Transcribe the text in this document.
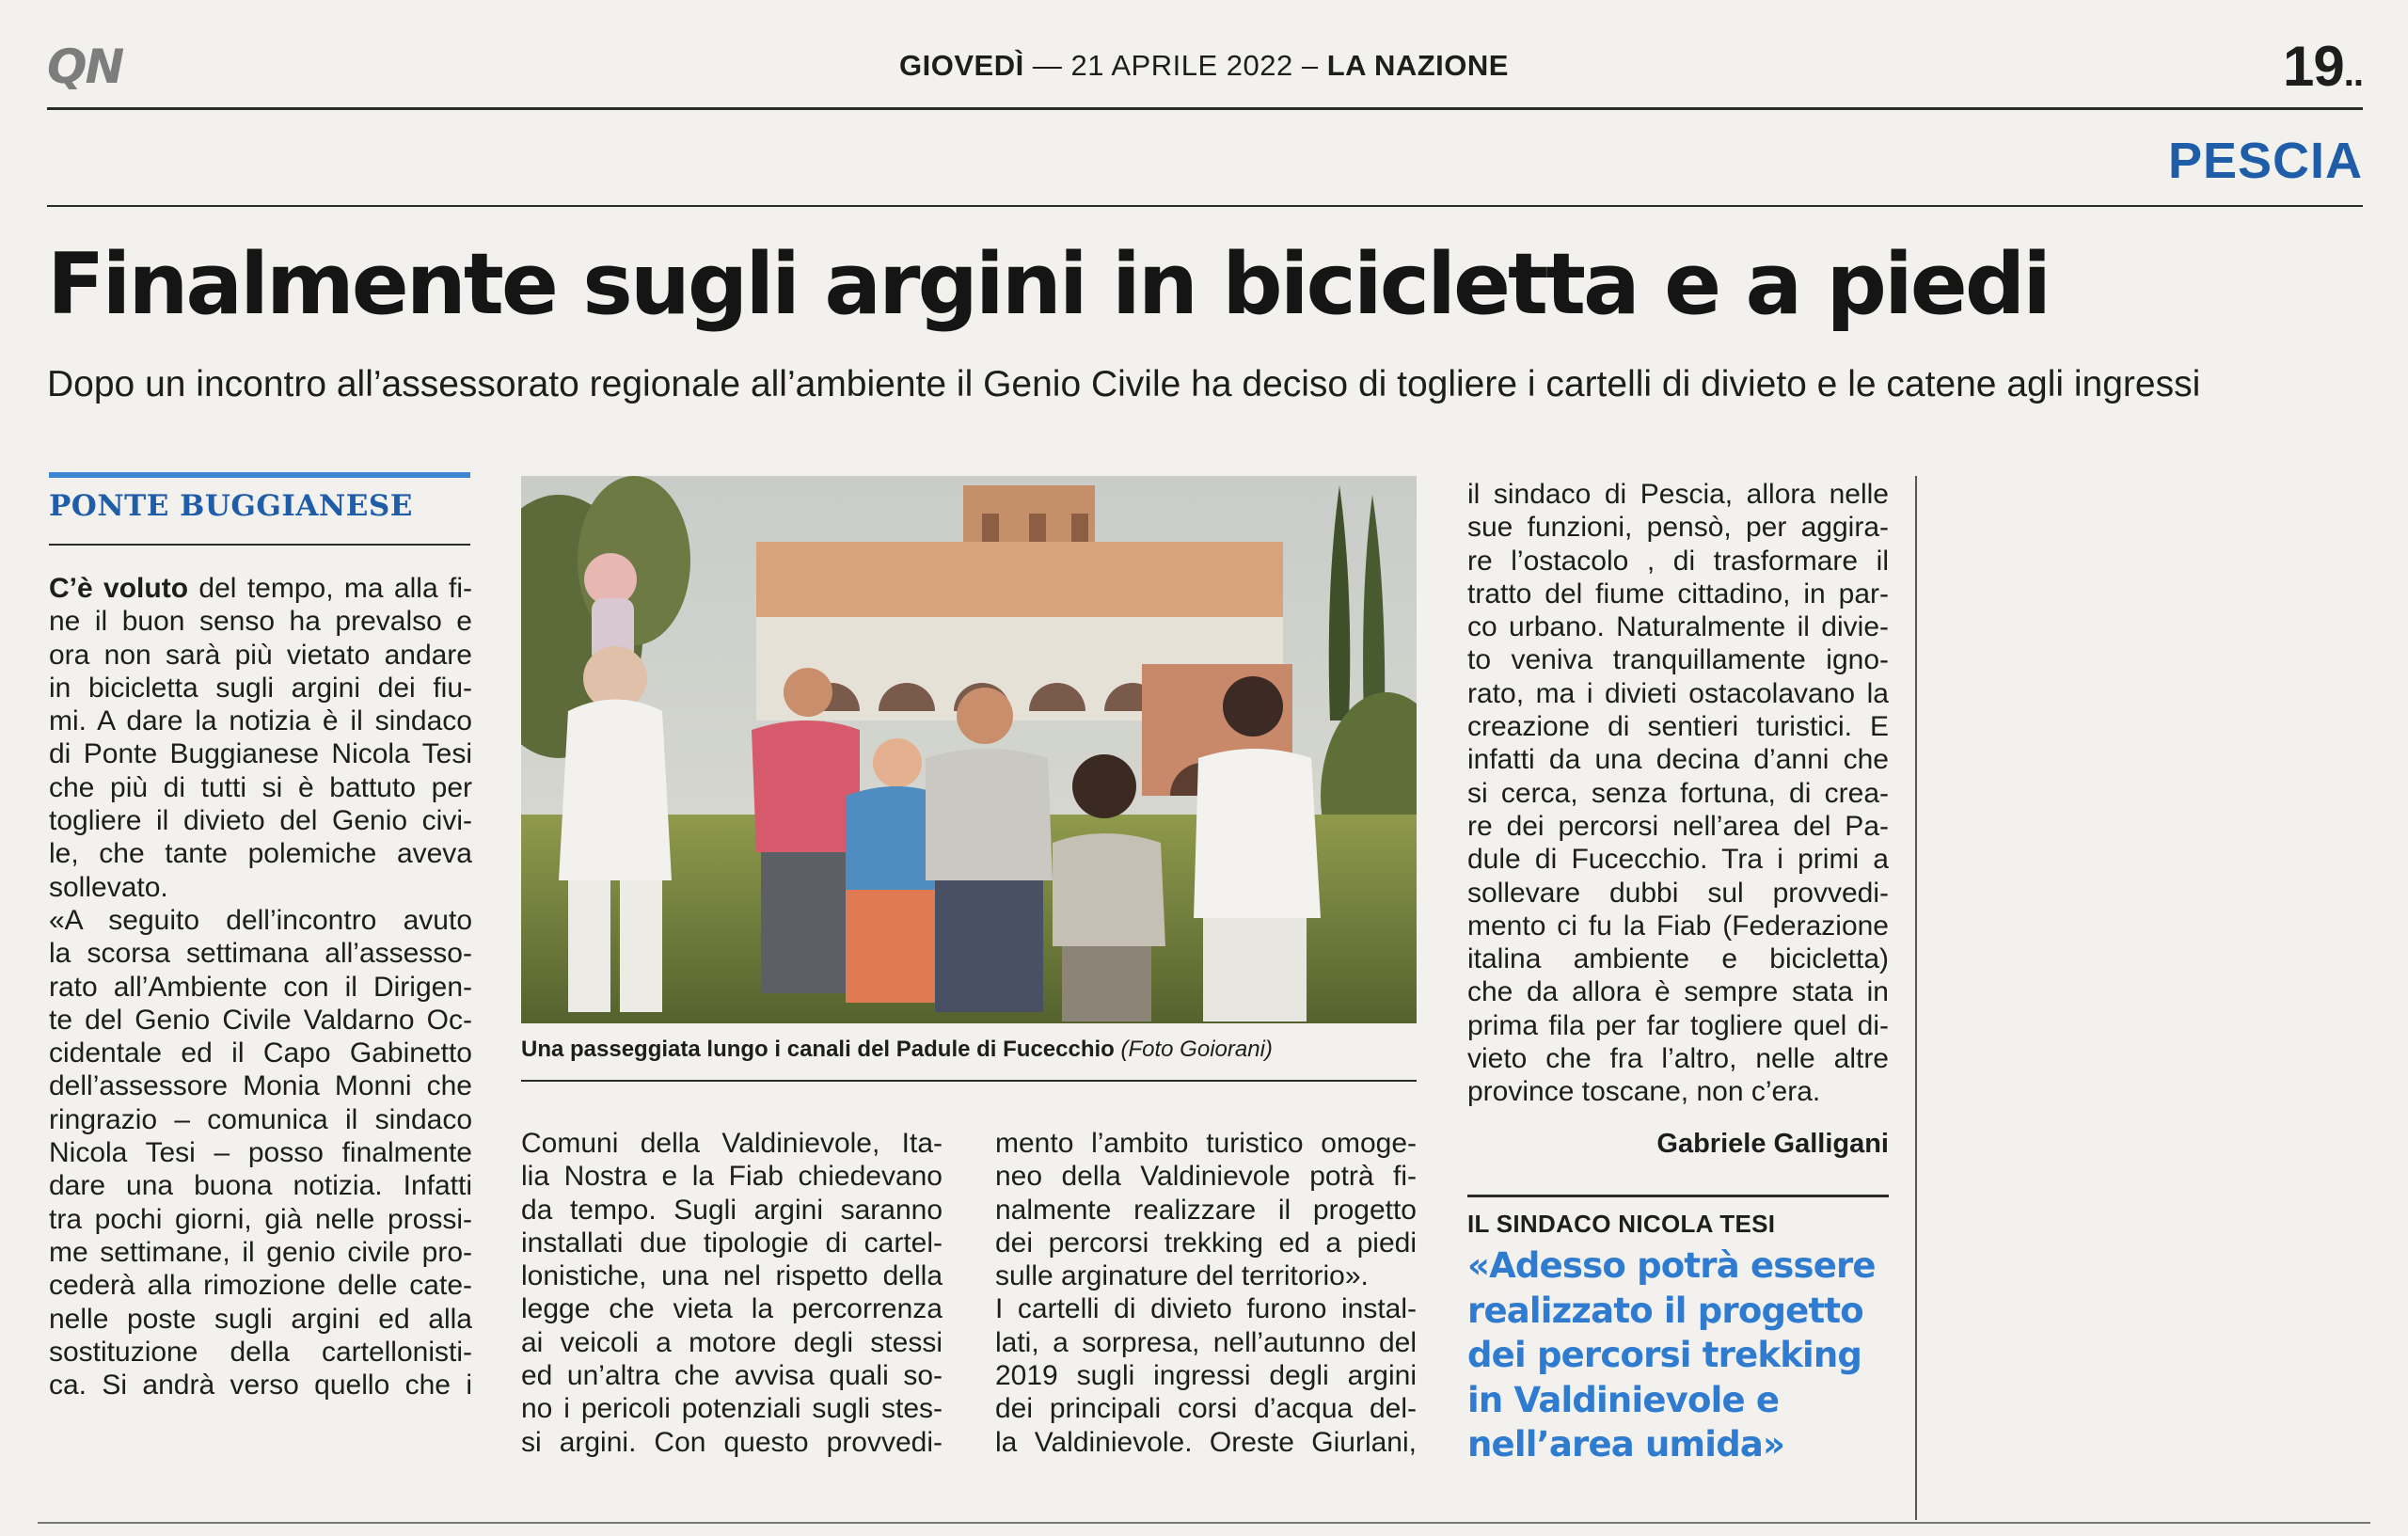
QN	GIOVEDÌ — 21 APRILE 2022 – LA NAZIONE	19..
PESCIA
Finalmente sugli argini in bicicletta e a piedi
Dopo un incontro all’assessorato regionale all’ambiente il Genio Civile ha deciso di togliere i cartelli di divieto e le catene agli ingressi
PONTE BUGGIANESE
C’è voluto del tempo, ma alla fi-
ne il buon senso ha prevalso e
ora non sarà più vietato andare
in bicicletta sugli argini dei fiu-
mi. A dare la notizia è il sindaco
di Ponte Buggianese Nicola Tesi
che più di tutti si è battuto per
togliere il divieto del Genio civi-
le, che tante polemiche aveva
sollevato.
«A seguito dell’incontro avuto
la scorsa settimana all’assesso-
rato all’Ambiente con il Dirigen-
te del Genio Civile Valdarno Oc-
cidentale ed il Capo Gabinetto
dell’assessore Monia Monni che
ringrazio – comunica il sindaco
Nicola Tesi – posso finalmente
dare una buona notizia. Infatti
tra pochi giorni, già nelle prossi-
me settimane, il genio civile pro-
cederà alla rimozione delle cate-
nelle poste sugli argini ed alla
sostituzione della cartellonisti-
ca. Si andrà verso quello che i
Una passeggiata lungo i canali del Padule di Fucecchio (Foto Goiorani)
Comuni della Valdinievole, Ita-
lia Nostra e la Fiab chiedevano
da tempo. Sugli argini saranno
installati due tipologie di cartel-
lonistiche, una nel rispetto della
legge che vieta la percorrenza
ai veicoli a motore degli stessi
ed un’altra che avvisa quali so-
no i pericoli potenziali sugli stes-
si argini. Con questo provvedi-
mento l’ambito turistico omoge-
neo della Valdinievole potrà fi-
nalmente realizzare il progetto
dei percorsi trekking ed a piedi
sulle arginature del territorio».
I cartelli di divieto furono instal-
lati, a sorpresa, nell’autunno del
2019 sugli ingressi degli argini
dei principali corsi d’acqua del-
la Valdinievole. Oreste Giurlani,
il sindaco di Pescia, allora nelle
sue funzioni, pensò, per aggira-
re l’ostacolo , di trasformare il
tratto del fiume cittadino, in par-
co urbano. Naturalmente il divie-
to veniva tranquillamente igno-
rato, ma i divieti ostacolavano la
creazione di sentieri turistici. E
infatti da una decina d’anni che
si cerca, senza fortuna, di crea-
re dei percorsi nell’area del Pa-
dule di Fucecchio. Tra i primi a
sollevare dubbi sul provvedi-
mento ci fu la Fiab (Federazione
italina ambiente e bicicletta)
che da allora è sempre stata in
prima fila per far togliere quel di-
vieto che fra l’altro, nelle altre
province toscane, non c’era.
Gabriele Galligani
IL SINDACO NICOLA TESI
«Adesso potrà essere
realizzato il progetto
dei percorsi trekking
in Valdinievole e
nell’area umida»
